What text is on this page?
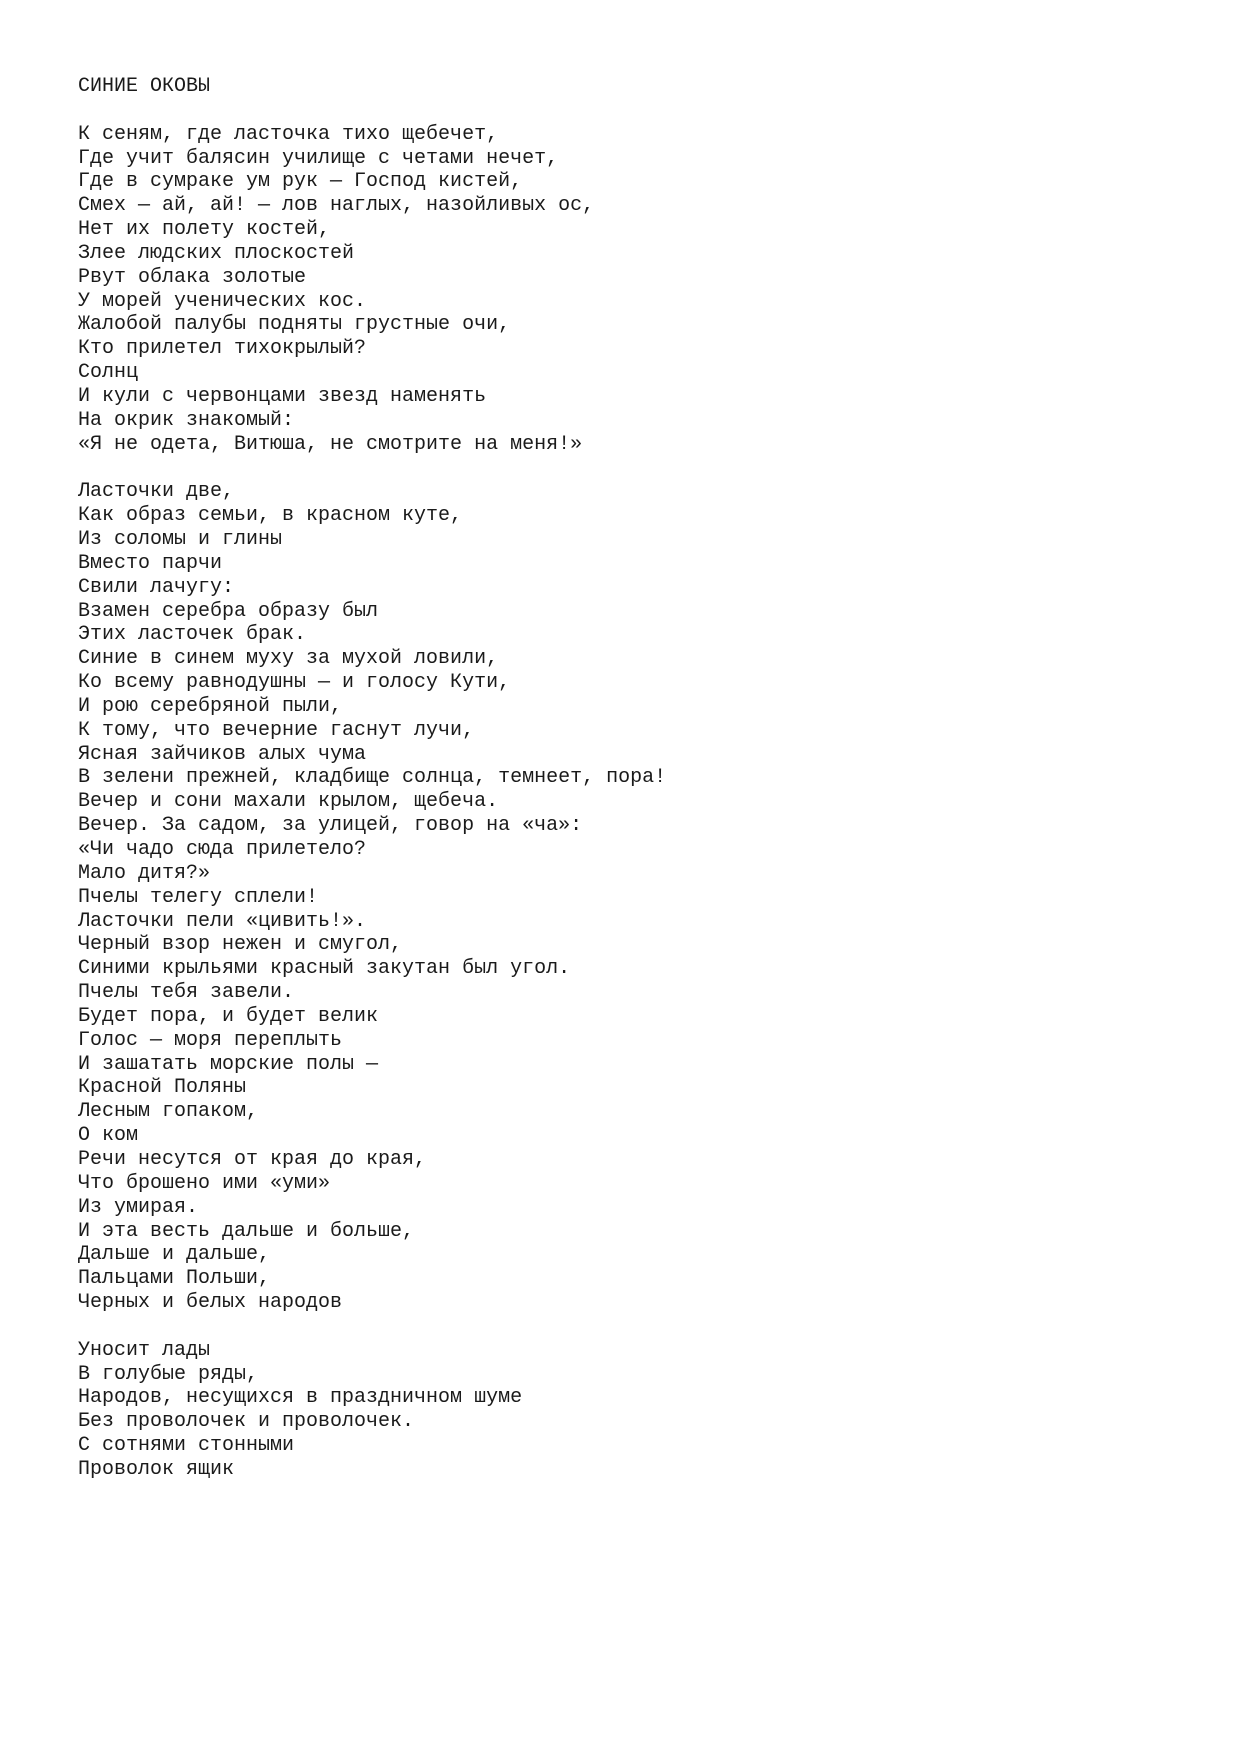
СИНИЕ ОКОВЫ
К сеням, где ласточка тихо щебечет,
Где учит балясин училище с четами нечет,
Где в сумраке ум рук — Господ кистей,
Смех — ай, ай! — лов наглых, назойливых ос,
Нет их полету костей,
Злее людских плоскостей
Рвут облака золотые
У морей ученических кос.
Жалобой палубы подняты грустные очи,
Кто прилетел тихокрылый?
Солнц
И кули с червонцами звезд наменять
На окрик знакомый:
«Я не одета, Витюша, не смотрите на меня!»
Ласточки две,
Как образ семьи, в красном куте,
Из соломы и глины
Вместо парчи
Свили лачугу:
Взамен серебра образу был
Этих ласточек брак.
Синие в синем муху за мухой ловили,
Ко всему равнодушны — и голосу Кути,
И рою серебряной пыли,
К тому, что вечерние гаснут лучи,
Ясная зайчиков алых чума
В зелени прежней, кладбище солнца, темнеет, пора!
Вечер и сони махали крылом, щебеча.
Вечер. За садом, за улицей, говор на «ча»:
«Чи чадо сюда прилетело?
Мало дитя?»
Пчелы телегу сплели!
Ласточки пели «цивить!».
Черный взор нежен и смугол,
Синими крыльями красный закутан был угол.
Пчелы тебя завели.
Будет пора, и будет велик
Голос — моря переплыть
И зашатать морские полы —
Красной Поляны
Лесным гопаком,
О ком
Речи несутся от края до края,
Что брошено ими «уми»
Из умирая.
И эта весть дальше и больше,
Дальше и дальше,
Пальцами Польши,
Черных и белых народов
Уносит лады
В голубые ряды,
Народов, несущихся в праздничном шуме
Без проволочек и проволочек.
С сотнями стонными
Проволок ящик
